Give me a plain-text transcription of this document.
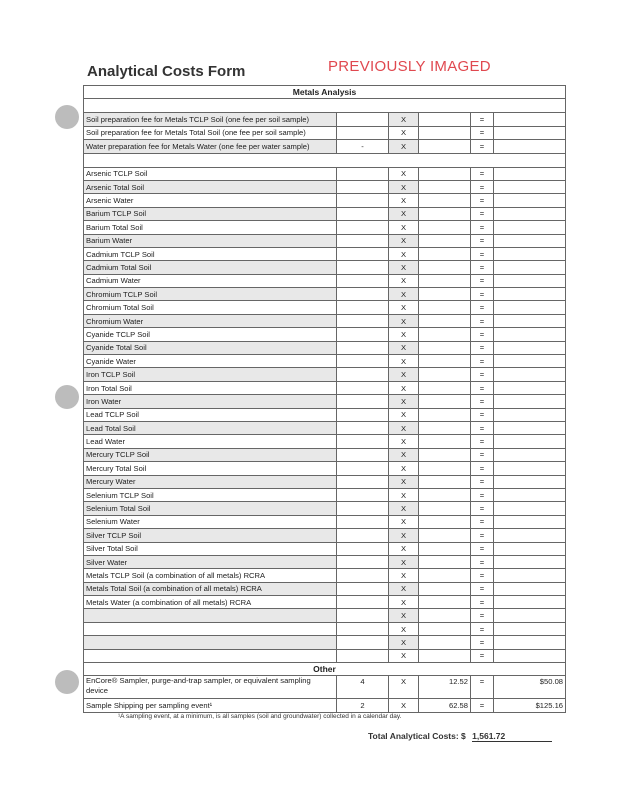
Analytical Costs Form	PREVIOUSLY IMAGED
Metals Analysis					

Soil preparation fee for Metals TCLP Soil (one fee per soil sample)		X		=	
Soil preparation fee for Metals Total Soil (one fee per soil sample)		X		=	
Water preparation fee for Metals Water (one fee per water sample)	-	X		=	

Arsenic TCLP Soil		X		=	
Arsenic Total Soil		X		=	
Arsenic Water		X		=	
Barium TCLP Soil		X		=	
Barium Total Soil		X		=	
Barium Water		X		=	
Cadmium TCLP Soil		X		=	
Cadmium Total Soil		X		=	
Cadmium Water		X		=	
Chromium TCLP Soil		X		=	
Chromium Total Soil		X		=	
Chromium Water		X		=	
Cyanide TCLP Soil		X		=	
Cyanide Total Soil		X		=	
Cyanide Water		X		=	
Iron TCLP Soil		X		=	
Iron Total Soil		X		=	
Iron Water		X		=	
Lead TCLP Soil		X		=	
Lead Total Soil		X		=	
Lead Water		X		=	
Mercury TCLP Soil		X		=	
Mercury Total Soil		X		=	
Mercury Water		X		=	
Selenium TCLP Soil		X		=	
Selenium Total Soil		X		=	
Selenium Water		X		=	
Silver TCLP Soil		X		=	
Silver Total Soil		X		=	
Silver Water		X		=	
Metals TCLP Soil (a combination of all metals) RCRA		X		=	
Metals Total Soil (a combination of all metals) RCRA		X		=	
Metals Water (a combination of all metals) RCRA		X		=	
		X		=	
		X		=	
		X		=	
		X		=	
Other					
EnCore® Sampler, purge-and-trap sampler, or equivalent sampling device	4	X	12.52	=	$50.08
Sample Shipping per sampling event¹	2	X	62.58	=	$125.16
¹A sampling event, at a minimum, is all samples (soil and groundwater) collected in a calendar day.
Total Analytical Costs: $ 1,561.72
